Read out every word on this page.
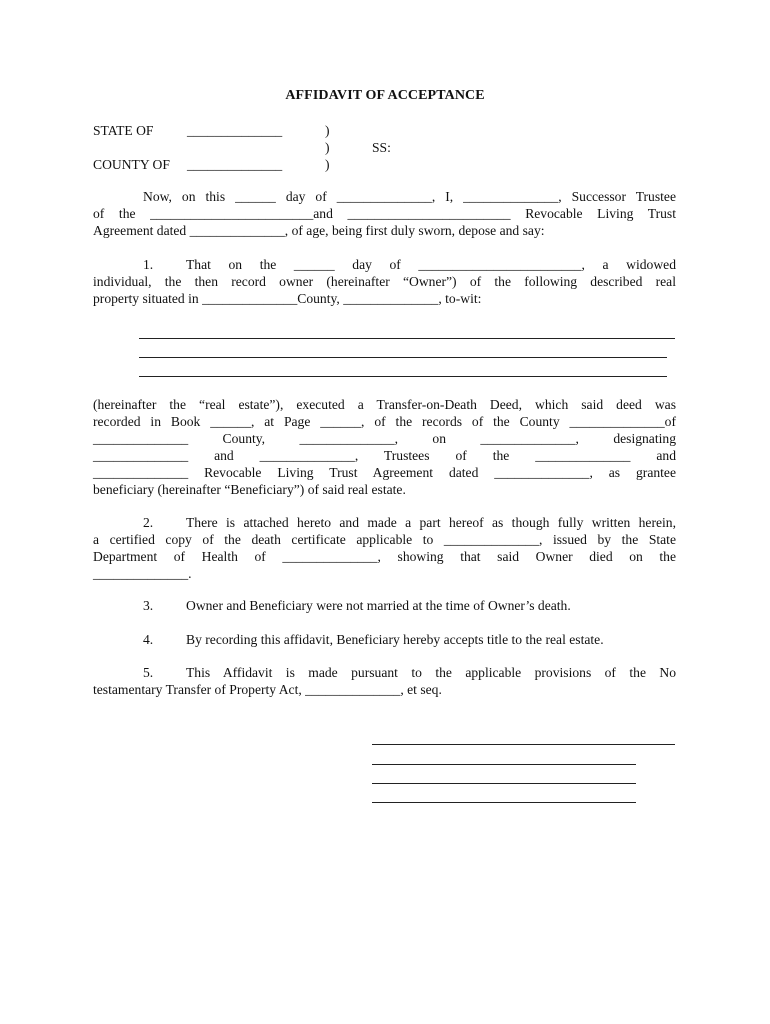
AFFIDAVIT OF ACCEPTANCE
STATE OF ______________	)
)	SS:
COUNTY OF ______________	)
Now, on this ______ day of ______________, I, ______________, Successor Trustee
of the ________________________and ________________________ Revocable Living Trust
Agreement dated ______________, of age, being first duly sworn, depose and say:
1. That on the ______ day of ________________________, a widowed
individual, the then record owner (hereinafter “Owner”) of the following described real
property situated in ______________County, ______________, to-wit:
(hereinafter the “real estate”), executed a Transfer-on-Death Deed, which said deed was
recorded in Book ______, at Page ______, of the records of the County ______________of
______________ County, ______________, on ______________, designating
______________ and ______________, Trustees of the ______________ and
______________ Revocable Living Trust Agreement dated ______________, as grantee
beneficiary (hereinafter “Beneficiary”) of said real estate.
2. There is attached hereto and made a part hereof as though fully written herein,
a certified copy of the death certificate applicable to ______________, issued by the State
Department of Health of ______________, showing that said Owner died on the
______________.
3. Owner and Beneficiary were not married at the time of Owner’s death.
4. By recording this affidavit, Beneficiary hereby accepts title to the real estate.
5. This Affidavit is made pursuant to the applicable provisions of the No
testamentary Transfer of Property Act, ______________, et seq.
